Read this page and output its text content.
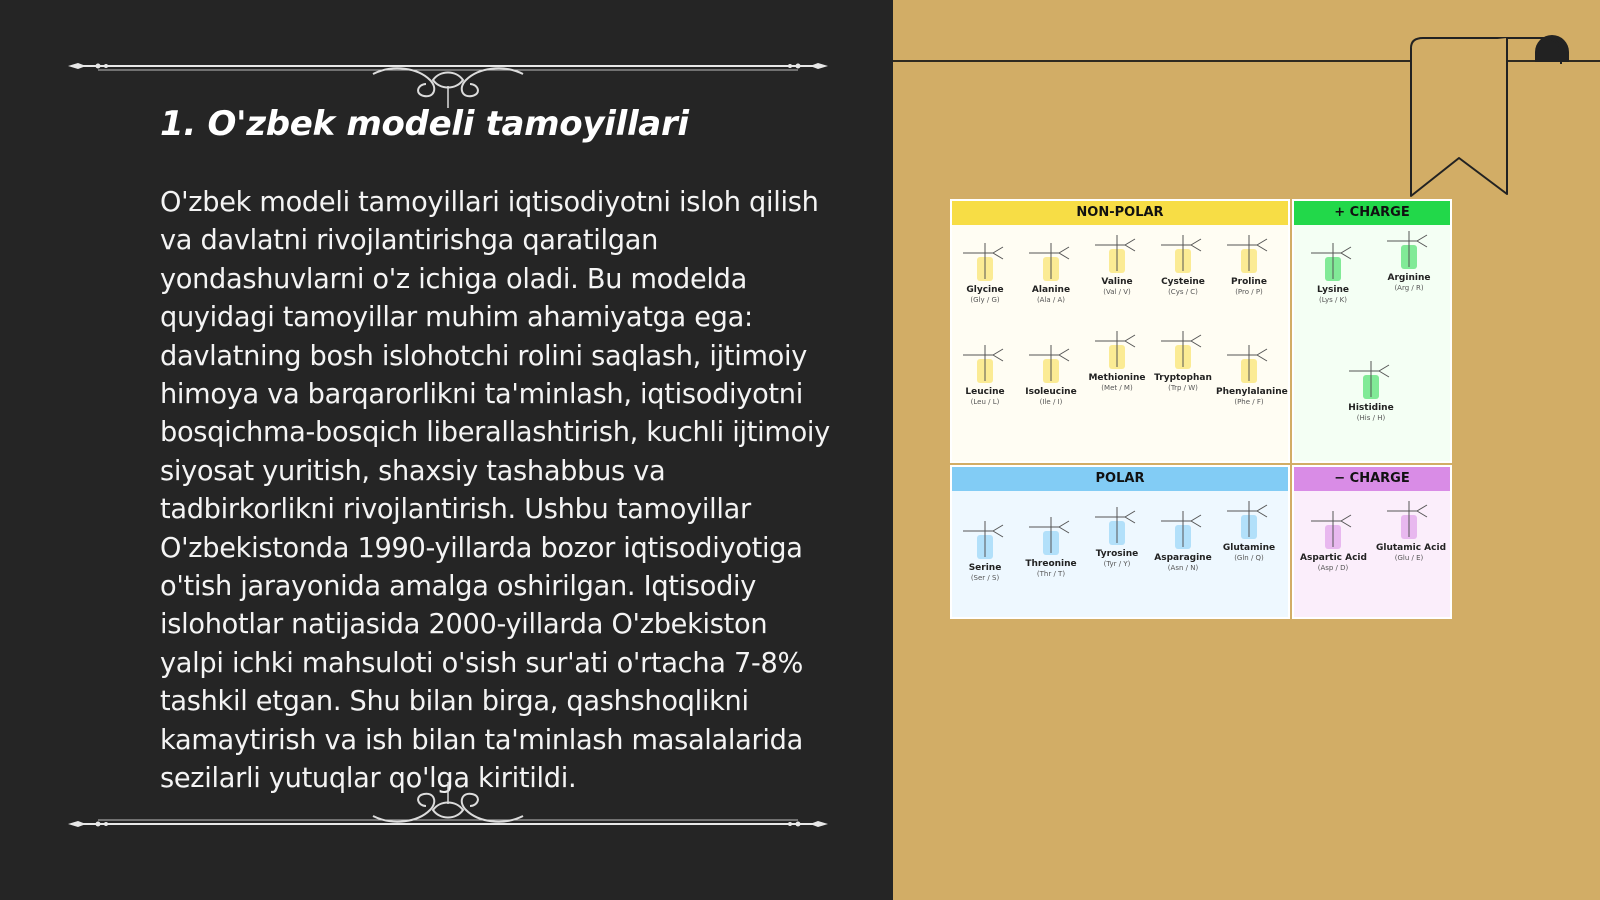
1. O'zbek modeli tamoyillari

O'zbek modeli tamoyillari iqtisodiyotni isloh qilish va davlatni rivojlantirishga qaratilgan yondashuvlarni o'z ichiga oladi. Bu modelda quyidagi tamoyillar muhim ahamiyatga ega: davlatning bosh islohotchi rolini saqlash, ijtimoiy himoya va barqarorlikni ta'minlash, iqtisodiyotni bosqichma-bosqich liberallashtirish, kuchli ijtimoiy siyosat yuritish, shaxsiy tashabbus va tadbirkorlikni rivojlantirish. Ushbu tamoyillar O'zbekistonda 1990-yillarda bozor iqtisodiyotiga o'tish jarayonida amalga oshirilgan. Iqtisodiy islohotlar natijasida 2000-yillarda O'zbekiston yalpi ichki mahsuloti o'sish sur'ati o'rtacha 7-8% tashkil etgan. Shu bilan birga, qashshoqlikni kamaytirish va ish bilan ta'minlash masalalarida sezilarli yutuqlar qo'lga kiritildi.

NON-POLAR
Glycine
(Gly / G)
Alanine
(Ala / A)
Valine
(Val / V)
Cysteine
(Cys / C)
Proline
(Pro / P)
Leucine
(Leu / L)
Isoleucine
(Ile / I)
Methionine
(Met / M)
Tryptophan
(Trp / W)	Phenylalanine
(Phe / F)
+ CHARGE
Lysine
(Lys / K)
Arginine
(Arg / R)
Histidine
(His / H)
POLAR
Serine
(Ser / S)
Threonine
(Thr / T)
Tyrosine
(Tyr / Y)
Asparagine
(Asn / N)
Glutamine
(Gln / Q)
− CHARGE
Aspartic Acid
(Asp / D)
Glutamic Acid
(Glu / E)
